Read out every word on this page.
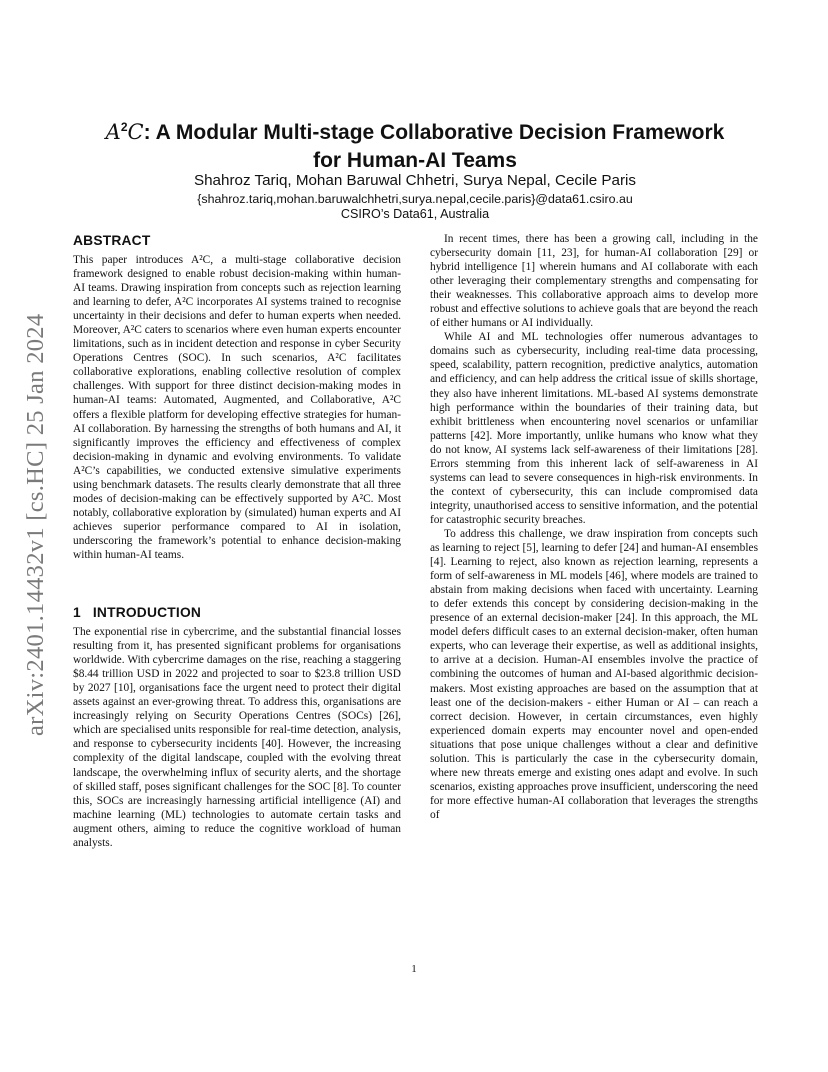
arXiv:2401.14432v1 [cs.HC] 25 Jan 2024
$A^2C$: A Modular Multi-stage Collaborative Decision Framework
for Human-AI Teams
Shahroz Tariq, Mohan Baruwal Chhetri, Surya Nepal, Cecile Paris
{shahroz.tariq,mohan.baruwalchhetri,surya.nepal,cecile.paris}@data61.csiro.au
CSIRO’s Data61, Australia
ABSTRACT

This paper introduces A²C, a multi-stage collaborative decision framework designed to enable robust decision-making within human-AI teams. Drawing inspiration from concepts such as rejection learning and learning to defer, A²C incorporates AI systems trained to recognise uncertainty in their decisions and defer to human experts when needed. Moreover, A²C caters to scenarios where even human experts encounter limitations, such as in incident detection and response in cyber Security Operations Centres (SOC). In such scenarios, A²C facilitates collaborative explorations, enabling collective resolution of complex challenges. With support for three distinct decision-making modes in human-AI teams: Automated, Augmented, and Collaborative, A²C offers a flexible platform for developing effective strategies for human-AI collaboration. By harnessing the strengths of both humans and AI, it significantly improves the efficiency and effectiveness of complex decision-making in dynamic and evolving environments. To validate A²C’s capabilities, we conducted extensive simulative experiments using benchmark datasets. The results clearly demonstrate that all three modes of decision-making can be effectively supported by A²C. Most notably, collaborative exploration by (simulated) human experts and AI achieves superior performance compared to AI in isolation, underscoring the framework’s potential to enhance decision-making within human-AI teams.

1 INTRODUCTION

The exponential rise in cybercrime, and the substantial financial losses resulting from it, has presented significant problems for organisations worldwide. With cybercrime damages on the rise, reaching a staggering $8.44 trillion USD in 2022 and projected to soar to $23.8 trillion USD by 2027 [10], organisations face the urgent need to protect their digital assets against an ever-growing threat. To address this, organisations are increasingly relying on Security Operations Centres (SOCs) [26], which are specialised units responsible for real-time detection, analysis, and response to cybersecurity incidents [40]. However, the increasing complexity of the digital landscape, coupled with the evolving threat landscape, the overwhelming influx of security alerts, and the shortage of skilled staff, poses significant challenges for the SOC [8]. To counter this, SOCs are increasingly harnessing artificial intelligence (AI) and machine learning (ML) technologies to automate certain tasks and augment others, aiming to reduce the cognitive workload of human analysts.

In recent times, there has been a growing call, including in the cybersecurity domain [11, 23], for human-AI collaboration [29] or hybrid intelligence [1] wherein humans and AI collaborate with each other leveraging their complementary strengths and compensating for their weaknesses. This collaborative approach aims to develop more robust and effective solutions to achieve goals that are beyond the reach of either humans or AI individually.

While AI and ML technologies offer numerous advantages to domains such as cybersecurity, including real-time data processing, speed, scalability, pattern recognition, predictive analytics, automation and efficiency, and can help address the critical issue of skills shortage, they also have inherent limitations. ML-based AI systems demonstrate high performance within the boundaries of their training data, but exhibit brittleness when encountering novel scenarios or unfamiliar patterns [42]. More importantly, unlike humans who know what they do not know, AI systems lack self-awareness of their limitations [28]. Errors stemming from this inherent lack of self-awareness in AI systems can lead to severe consequences in high-risk environments. In the context of cybersecurity, this can include compromised data integrity, unauthorised access to sensitive information, and the potential for catastrophic security breaches.

To address this challenge, we draw inspiration from concepts such as learning to reject [5], learning to defer [24] and human-AI ensembles [4]. Learning to reject, also known as rejection learning, represents a form of self-awareness in ML models [46], where models are trained to abstain from making decisions when faced with uncertainty. Learning to defer extends this concept by considering decision-making in the presence of an external decision-maker [24]. In this approach, the ML model defers difficult cases to an external decision-maker, often human experts, who can leverage their expertise, as well as additional insights, to arrive at a decision. Human-AI ensembles involve the practice of combining the outcomes of human and AI-based algorithmic decision-makers. Most existing approaches are based on the assumption that at least one of the decision-makers - either Human or AI – can reach a correct decision. However, in certain circumstances, even highly experienced domain experts may encounter novel and open-ended situations that pose unique challenges without a clear and definitive solution. This is particularly the case in the cybersecurity domain, where new threats emerge and existing ones adapt and evolve. In such scenarios, existing approaches prove insufficient, underscoring the need for more effective human-AI collaboration that leverages the strengths of

1
